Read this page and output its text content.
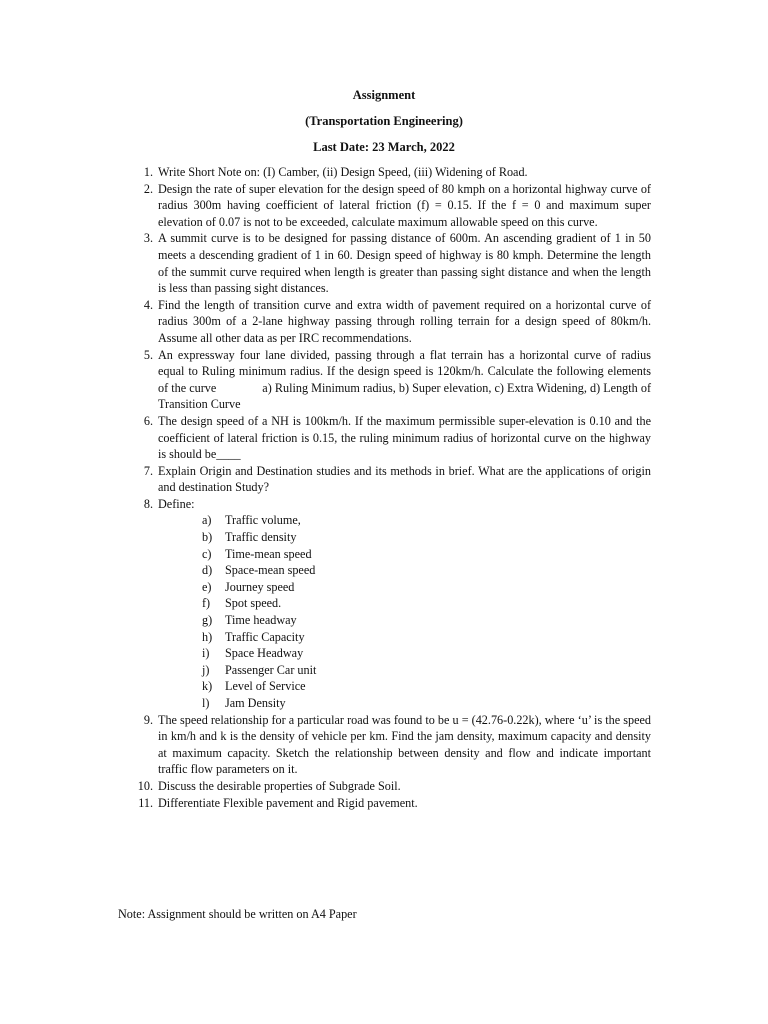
Assignment
(Transportation Engineering)
Last Date: 23 March, 2022
1. Write Short Note on: (I) Camber, (ii) Design Speed, (iii) Widening of Road.
2. Design the rate of super elevation for the design speed of 80 kmph on a horizontal highway curve of radius 300m having coefficient of lateral friction (f) = 0.15. If the f = 0 and maximum super elevation of 0.07 is not to be exceeded, calculate maximum allowable speed on this curve.
3. A summit curve is to be designed for passing distance of 600m. An ascending gradient of 1 in 50 meets a descending gradient of 1 in 60. Design speed of highway is 80 kmph. Determine the length of the summit curve required when length is greater than passing sight distance and when the length is less than passing sight distances.
4. Find the length of transition curve and extra width of pavement required on a horizontal curve of radius 300m of a 2-lane highway passing through rolling terrain for a design speed of 80km/h. Assume all other data as per IRC recommendations.
5. An expressway four lane divided, passing through a flat terrain has a horizontal curve of radius equal to Ruling minimum radius. If the design speed is 120km/h. Calculate the following elements of the curve	a) Ruling Minimum radius, b) Super elevation, c) Extra Widening, d) Length of Transition Curve
6. The design speed of a NH is 100km/h. If the maximum permissible super-elevation is 0.10 and the coefficient of lateral friction is 0.15, the ruling minimum radius of horizontal curve on the highway is should be____
7. Explain Origin and Destination studies and its methods in brief. What are the applications of origin and destination Study?
8. Define:
a) Traffic volume,
b) Traffic density
c) Time-mean speed
d) Space-mean speed
e) Journey speed
f) Spot speed.
g) Time headway
h) Traffic Capacity
i) Space Headway
j) Passenger Car unit
k) Level of Service
l) Jam Density
9. The speed relationship for a particular road was found to be u = (42.76-0.22k), where ‘u’ is the speed in km/h and k is the density of vehicle per km. Find the jam density, maximum capacity and density at maximum capacity. Sketch the relationship between density and flow and indicate important traffic flow parameters on it.
10. Discuss the desirable properties of Subgrade Soil.
11. Differentiate Flexible pavement and Rigid pavement.
Note: Assignment should be written on A4 Paper
